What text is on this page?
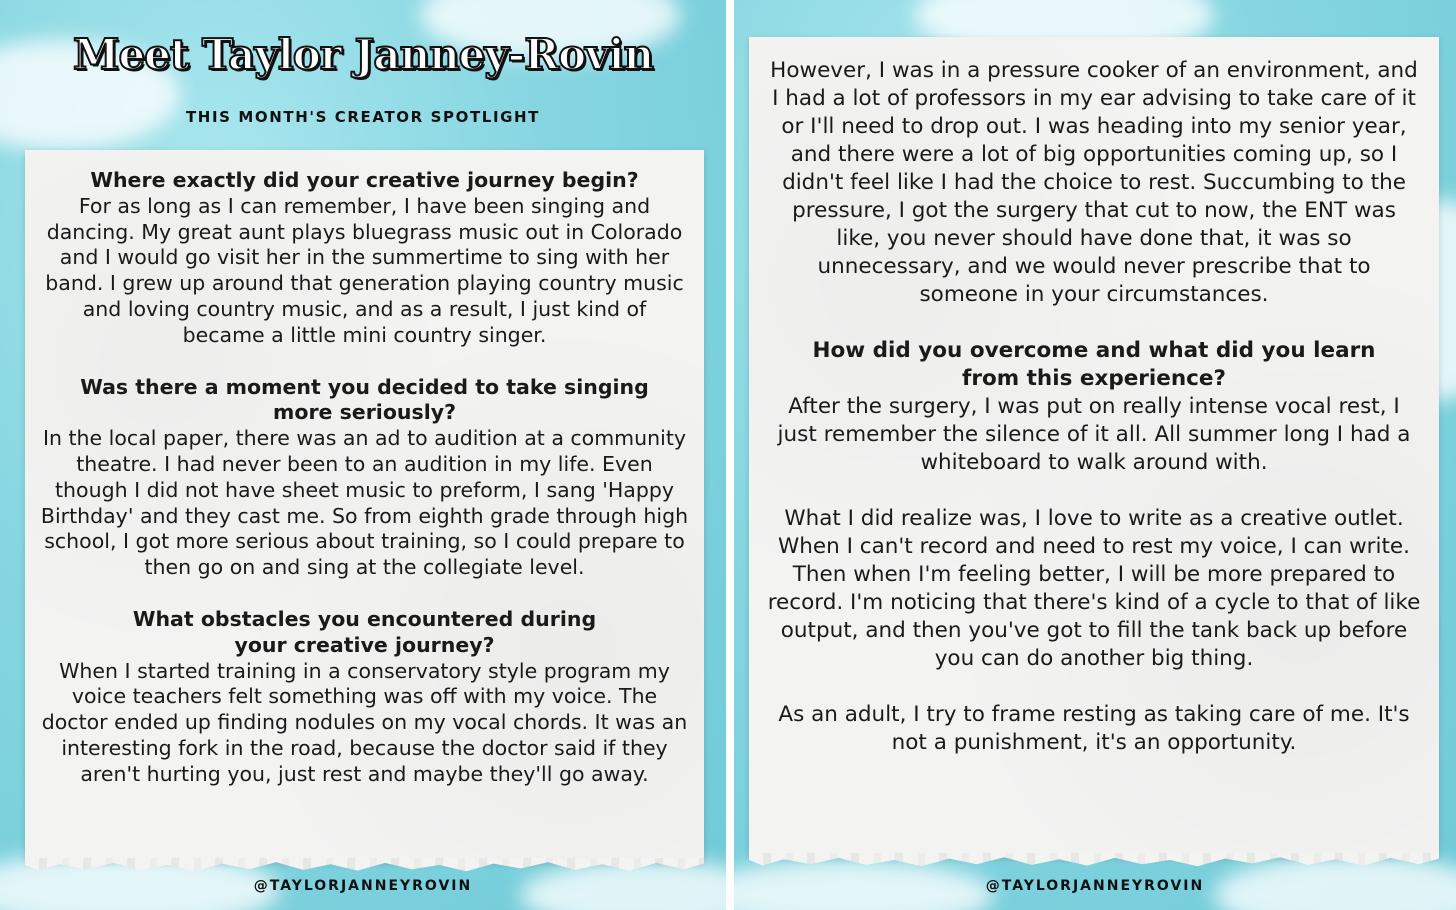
Meet Taylor Janney-Rovin
THIS MONTH'S CREATOR SPOTLIGHT

Where exactly did your creative journey begin?

For as long as I can remember, I have been singing and dancing. My great aunt plays bluegrass music out in Colorado and I would go visit her in the summertime to sing with her band. I grew up around that generation playing country music and loving country music, and as a result, I just kind of became a little mini country singer.

Was there a moment you decided to take singing more seriously?

In the local paper, there was an ad to audition at a community theatre. I had never been to an audition in my life. Even though I did not have sheet music to preform, I sang 'Happy Birthday' and they cast me. So from eighth grade through high school, I got more serious about training, so I could prepare to then go on and sing at the collegiate level.

What obstacles you encountered during your creative journey?

When I started training in a conservatory style program my voice teachers felt something was off with my voice. The doctor ended up finding nodules on my vocal chords. It was an interesting fork in the road, because the doctor said if they aren't hurting you, just rest and maybe they'll go away.

@TAYLORJANNEYROVIN

However, I was in a pressure cooker of an environment, and I had a lot of professors in my ear advising to take care of it or I'll need to drop out. I was heading into my senior year, and there were a lot of big opportunities coming up, so I didn't feel like I had the choice to rest. Succumbing to the pressure, I got the surgery that cut to now, the ENT was like, you never should have done that, it was so unnecessary, and we would never prescribe that to someone in your circumstances.

How did you overcome and what did you learn from this experience?

After the surgery, I was put on really intense vocal rest, I just remember the silence of it all. All summer long I had a whiteboard to walk around with.

What I did realize was, I love to write as a creative outlet. When I can't record and need to rest my voice, I can write. Then when I'm feeling better, I will be more prepared to record. I'm noticing that there's kind of a cycle to that of like output, and then you've got to fill the tank back up before you can do another big thing.

As an adult, I try to frame resting as taking care of me. It's not a punishment, it's an opportunity.

@TAYLORJANNEYROVIN
